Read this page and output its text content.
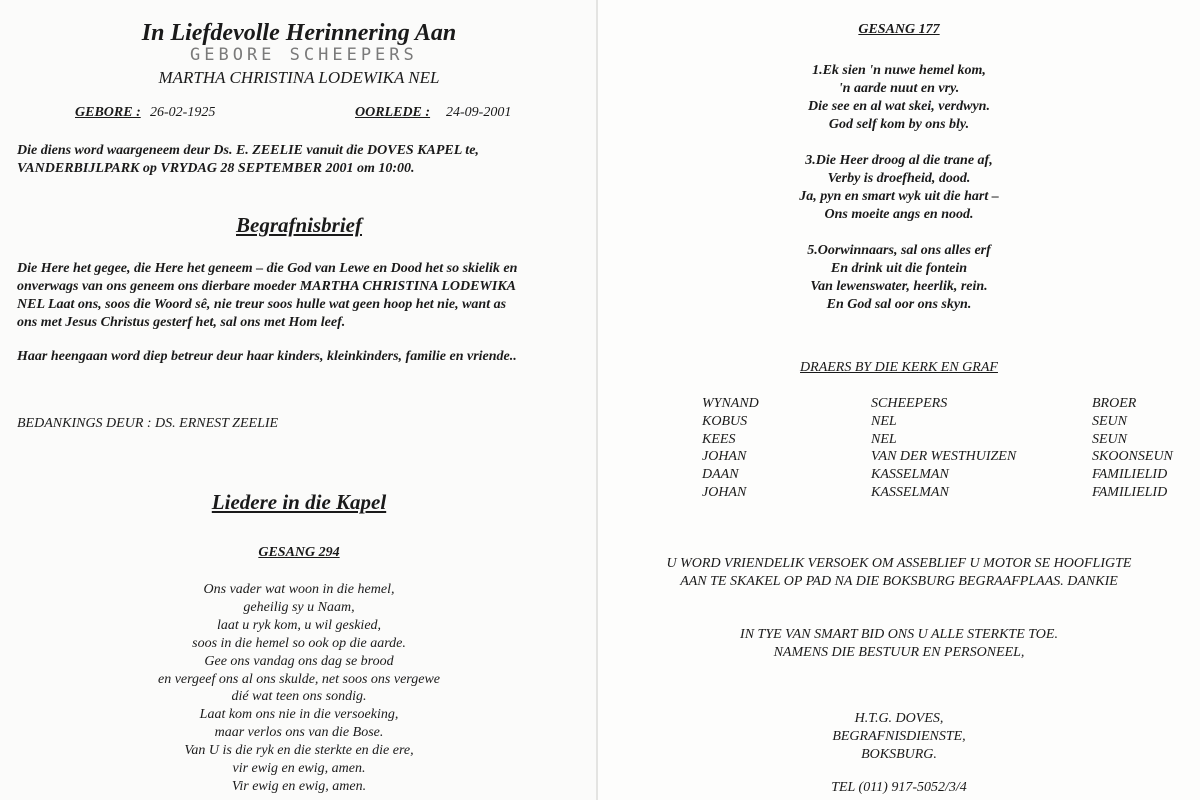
In Liefdevolle Herinnering Aan
GEBORE SCHEEPERS
MARTHA CHRISTINA LODEWIKA NEL
GEBORE : 26-02-1925	OORLEDE : 24-09-2001
Die diens word waargeneem deur Ds. E. ZEELIE vanuit die DOVES KAPEL te,
VANDERBIJLPARK op VRYDAG 28 SEPTEMBER 2001 om 10:00.
Begrafnisbrief
Die Here het gegee, die Here het geneem – die God van Lewe en Dood het so skielik en
onverwags van ons geneem ons dierbare moeder MARTHA CHRISTINA LODEWIKA
NEL Laat ons, soos die Woord sê, nie treur soos hulle wat geen hoop het nie, want as
ons met Jesus Christus gesterf het, sal ons met Hom leef.
Haar heengaan word diep betreur deur haar kinders, kleinkinders, familie en vriende..
BEDANKINGS DEUR : DS. ERNEST ZEELIE
Liedere in die Kapel
GESANG 294
Ons vader wat woon in die hemel,
geheilig sy u Naam,
laat u ryk kom, u wil geskied,
soos in die hemel so ook op die aarde.
Gee ons vandag ons dag se brood
en vergeef ons al ons skulde, net soos ons vergewe
dié wat teen ons sondig.
Laat kom ons nie in die versoeking,
maar verlos ons van die Bose.
Van U is die ryk en die sterkte en die ere,
vir ewig en ewig, amen.
Vir ewig en ewig, amen.
GESANG 177
1.Ek sien 'n nuwe hemel kom,
'n aarde nuut en vry.
Die see en al wat skei, verdwyn.
God self kom by ons bly.

3.Die Heer droog al die trane af,
Verby is droefheid, dood.
Ja, pyn en smart wyk uit die hart –
Ons moeite angs en nood.

5.Oorwinnaars, sal ons alles erf
En drink uit die fontein
Van lewenswater, heerlik, rein.
En God sal oor ons skyn.
DRAERS BY DIE KERK EN GRAF
WYNAND
KOBUS
KEES
JOHAN
DAAN
JOHAN
SCHEEPERS
NEL
NEL
VAN DER WESTHUIZEN
KASSELMAN
KASSELMAN
BROER
SEUN
SEUN
SKOONSEUN
FAMILIELID
FAMILIELID
U WORD VRIENDELIK VERSOEK OM ASSEBLIEF U MOTOR SE HOOFLIGTE
AAN TE SKAKEL OP PAD NA DIE BOKSBURG BEGRAAFPLAAS. DANKIE
IN TYE VAN SMART BID ONS U ALLE STERKTE TOE.
NAMENS DIE BESTUUR EN PERSONEEL,
H.T.G. DOVES,
BEGRAFNISDIENSTE,
BOKSBURG.
TEL (011) 917-5052/3/4
